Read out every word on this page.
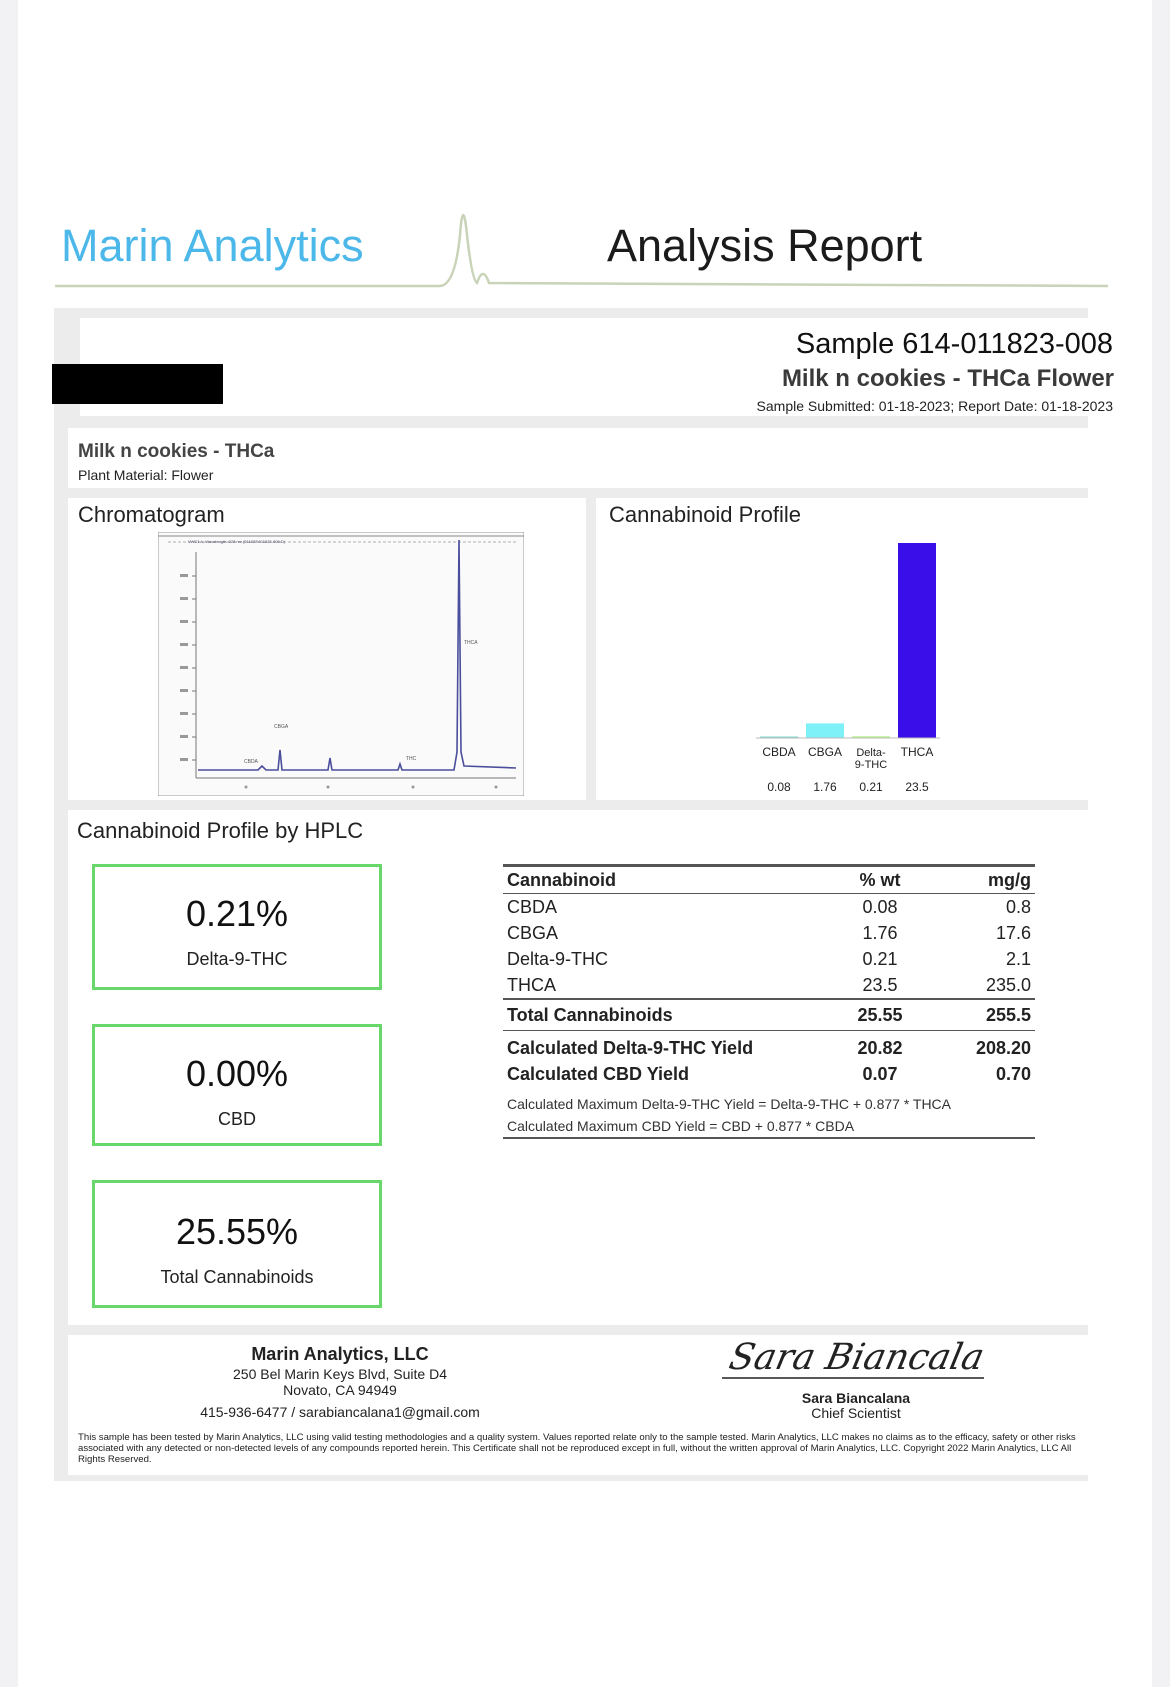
Marin Analytics	Analysis Report
Sample 614-011823-008
Milk n cookies - THCa Flower
Sample Submitted: 01-18-2023; Report Date: 01-18-2023
Milk n cookies - THCa
Plant Material: Flower
Chromatogram
VWD1 A, Wavelength=228 nm (011823\011823-008.D)
CBDA
CBGA
THC
THCA
Cannabinoid Profile
CBDA
0.08
CBGA
1.76
Delta-
9-THC
0.21
THCA
23.5
Cannabinoid Profile by HPLC
0.21%
Delta-9-THC
0.00%
CBD
25.55%
Total Cannabinoids
Cannabinoid	% wt	mg/g
CBDA	0.08	0.8
CBGA	1.76	17.6
Delta-9-THC	0.21	2.1
THCA	23.5	235.0
Total Cannabinoids	25.55	255.5
Calculated Delta-9-THC Yield	20.82	208.20
Calculated CBD Yield	0.07	0.70
Calculated Maximum Delta-9-THC Yield = Delta-9-THC + 0.877 * THCA
Calculated Maximum CBD Yield = CBD + 0.877 * CBDA
Marin Analytics, LLC
250 Bel Marin Keys Blvd, Suite D4
Novato, CA 94949
415-936-6477 / sarabiancalana1@gmail.com
Sara Biancala
Sara Biancalana
Chief Scientist
This sample has been tested by Marin Analytics, LLC using valid testing methodologies and a quality system. Values reported relate only to the sample tested. Marin Analytics, LLC makes no claims as to the efficacy, safety or other risks associated with any detected or non-detected levels of any compounds reported herein. This Certificate shall not be reproduced except in full, without the written approval of Marin Analytics, LLC. Copyright 2022 Marin Analytics, LLC All Rights Reserved.
